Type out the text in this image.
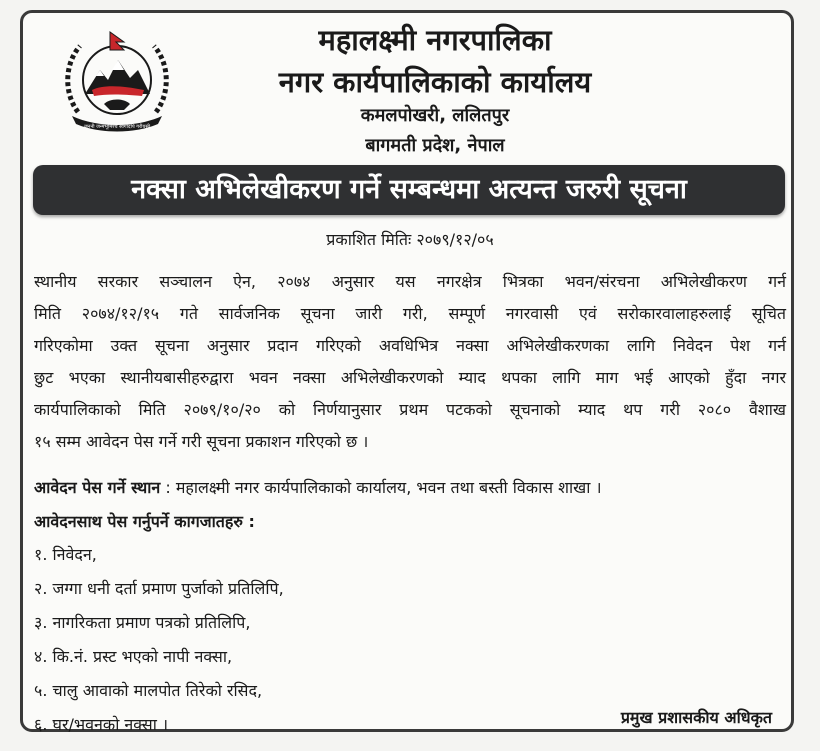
जननी जन्मभूमिश्च स्वर्गादपि गरीयसी
महालक्ष्मी नगरपालिका
नगर कार्यपालिकाको कार्यालय
कमलपोखरी, ललितपुर
बागमती प्रदेश, नेपाल
नक्सा अभिलेखीकरण गर्ने सम्बन्धमा अत्यन्त जरुरी सूचना
प्रकाशित मितिः २०७९/१२/०५
स्थानीय सरकार सञ्चालन ऐन, २०७४ अनुसार यस नगरक्षेत्र भित्रका भवन/संरचना अभिलेखीकरण गर्न
मिति २०७४/१२/१५ गते सार्वजनिक सूचना जारी गरी, सम्पूर्ण नगरवासी एवं सरोकारवालाहरुलाई सूचित
गरिएकोमा उक्त सूचना अनुसार प्रदान गरिएको अवधिभित्र नक्सा अभिलेखीकरणका लागि निवेदन पेश गर्न
छुट भएका स्थानीयबासीहरुद्वारा भवन नक्सा अभिलेखीकरणको म्याद थपका लागि माग भई आएको हुँदा नगर
कार्यपालिकाको मिति २०७९/१०/२० को निर्णयानुसार प्रथम पटकको सूचनाको म्याद थप गरी २०८० वैशाख
१५ सम्म आवेदन पेस गर्ने गरी सूचना प्रकाशन गरिएको छ ।
आवेदन पेस गर्ने स्थान : महालक्ष्मी नगर कार्यपालिकाको कार्यालय, भवन तथा बस्ती विकास शाखा ।
आवेदनसाथ पेस गर्नुपर्ने कागजातहरु :
१. निवेदन,
२. जग्गा धनी दर्ता प्रमाण पुर्जाको प्रतिलिपि,
३. नागरिकता प्रमाण पत्रको प्रतिलिपि,
४. कि.नं. प्रस्ट भएको नापी नक्सा,
५. चालु आवाको मालपोत तिरेको रसिद,
६. घर/भवनको नक्सा ।	प्रमुख प्रशासकीय अधिकृत
